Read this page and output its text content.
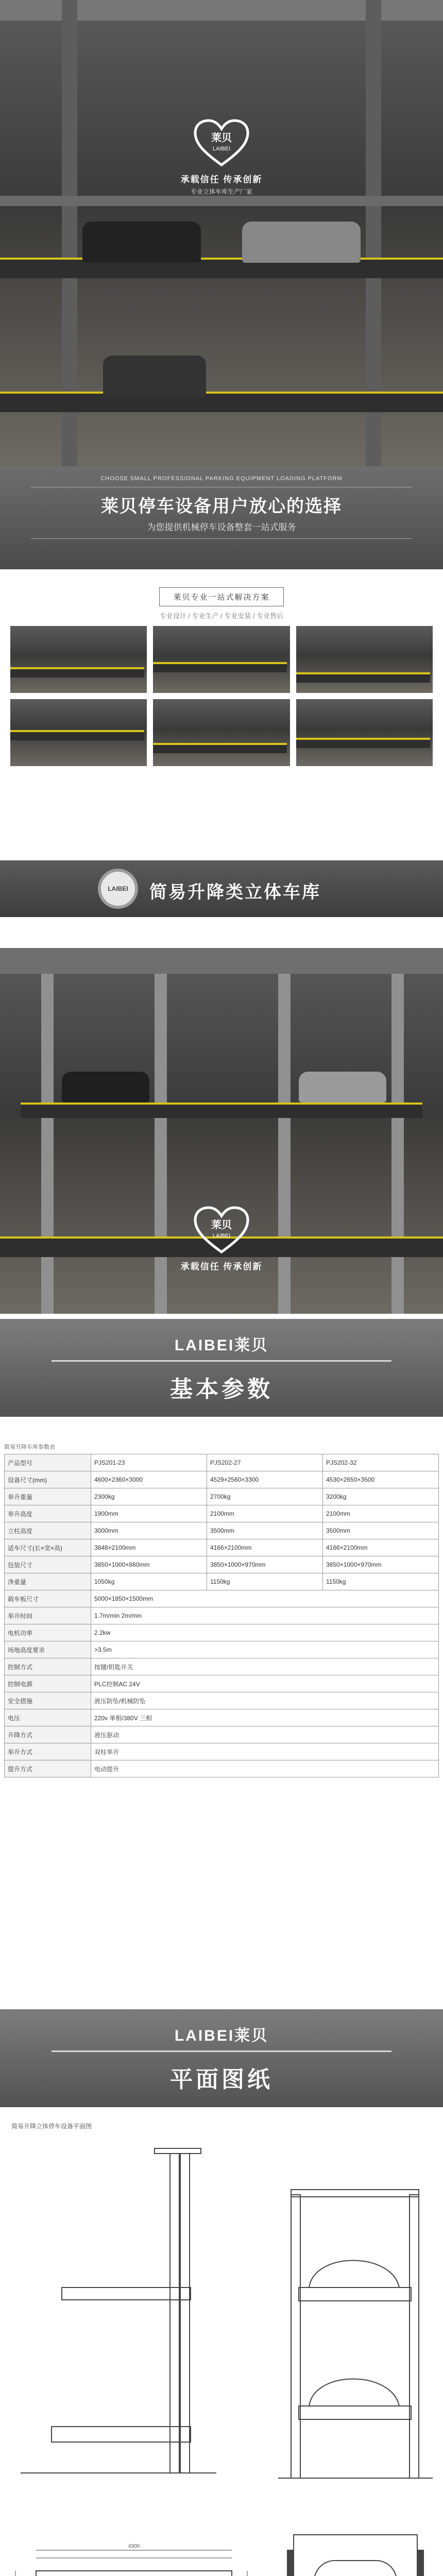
莱贝
LAIBEI
承载信任 传承创新
专业立体车库生产厂家
CHOOSE SMALL PROFESSIONAL PARKING EQUIPMENT LOADING PLATFORM
莱贝停车设备用户放心的选择
为您提供机械停车设备整套一站式服务
莱贝专业一站式解决方案
专业设计 / 专业生产 / 专业安装 / 专业售后
LAIBEI	简易升降类立体车库
莱贝
LAIBEI
承载信任 传承创新
LAIBEI莱贝
基本参数
简易升降车库参数表
产品型号	PJS201-23	PJS202-27	PJS202-32
设备尺寸(mm)	4600×2360×3000	4529×2560×3300	4530×2650×3500
举升重量	2300kg	2700kg	3200kg
举升高度	1900mm	2100mm	2100mm
立柱高度	3000mm	3500mm	3500mm
适车尺寸(长×宽×高)	3848×2100mm	4166×2100mm	4166×2100mm
包装尺寸	3850×1000×860mm	3850×1000×970mm	3850×1000×970mm
净重量	1050kg	1150kg	1150kg
载车板尺寸	5000×1850×1500mm		
举升时间	1.7m/min 2m/min		
电机功率	2.2kw		
场地高度要求	>3.5m		
控制方式	按键/钥匙开关		
控制电源	PLC控制AC 24V		
安全措施	液压防坠/机械防坠		
电压	220v 单相/380V 三相		
升降方式	液压驱动		
举升方式	双柱举升		
提升方式	电动提升		
LAIBEI莱贝
平面图纸
简易升降立体停车设备平面图
4300
